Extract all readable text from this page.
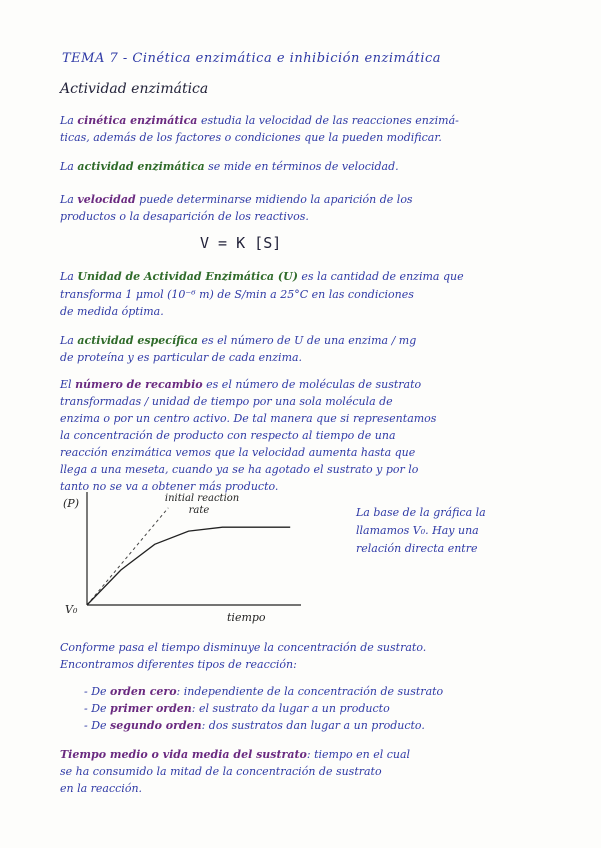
TEMA 7 - Cinética enzimática e inhibición enzimática
Actividad enzimática
La cinética enzimática estudia la velocidad de las reacciones enzimá-
ticas, además de los factores o condiciones que la pueden modificar.
La actividad enzimática se mide en términos de velocidad.
La velocidad puede determinarse midiendo la aparición de los
productos o la desaparición de los reactivos.
V = K [S]
La Unidad de Actividad Enzimática (U) es la cantidad de enzima que
transforma 1 μmol (10⁻⁶ m) de S/min a 25°C en las condiciones
de medida óptima.
La actividad específica es el número de U de una enzima / mg
de proteína y es particular de cada enzima.
El número de recambio es el número de moléculas de sustrato
transformadas / unidad de tiempo por una sola molécula de
enzima o por un centro activo. De tal manera que si representamos
la concentración de producto con respecto al tiempo de una
reacción enzimática vemos que la velocidad aumenta hasta que
llega a una meseta, cuando ya se ha agotado el sustrato y por lo
tanto no se va a obtener más producto.
(P)
tiempo
V₀
initial reaction
rate	La base de la gráfica la
llamamos V₀. Hay una
relación directa entre
Conforme pasa el tiempo disminuye la concentración de sustrato.
Encontramos diferentes tipos de reacción:
- De orden cero: independiente de la concentración de sustrato
- De primer orden: el sustrato da lugar a un producto
- De segundo orden: dos sustratos dan lugar a un producto.
Tiempo medio o vida media del sustrato: tiempo en el cual
se ha consumido la mitad de la concentración de sustrato
en la reacción.
